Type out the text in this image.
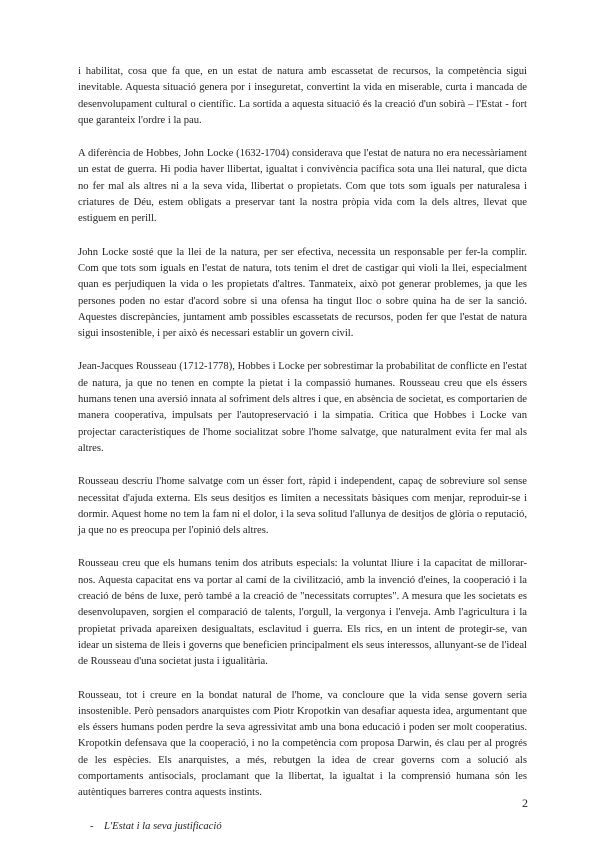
i habilitat, cosa que fa que, en un estat de natura amb escassetat de recursos, la competència sigui inevitable. Aquesta situació genera por i inseguretat, convertint la vida en miserable, curta i mancada de desenvolupament cultural o científic. La sortida a aquesta situació és la creació d'un sobirà – l'Estat - fort que garanteix l'ordre i la pau.

A diferència de Hobbes, John Locke (1632-1704) considerava que l'estat de natura no era necessàriament un estat de guerra. Hi podia haver llibertat, igualtat i convivència pacífica sota una llei natural, que dicta no fer mal als altres ni a la seva vida, llibertat o propietats. Com que tots som iguals per naturalesa i criatures de Déu, estem obligats a preservar tant la nostra pròpia vida com la dels altres, llevat que estiguem en perill.

John Locke sosté que la llei de la natura, per ser efectiva, necessita un responsable per fer-la complir. Com que tots som iguals en l'estat de natura, tots tenim el dret de castigar qui violi la llei, especialment quan es perjudiquen la vida o les propietats d'altres. Tanmateix, això pot generar problemes, ja que les persones poden no estar d'acord sobre si una ofensa ha tingut lloc o sobre quina ha de ser la sanció. Aquestes discrepàncies, juntament amb possibles escassetats de recursos, poden fer que l'estat de natura sigui insostenible, i per això és necessari establir un govern civil.

Jean-Jacques Rousseau (1712-1778), Hobbes i Locke per sobrestimar la probabilitat de conflicte en l'estat de natura, ja que no tenen en compte la pietat i la compassió humanes. Rousseau creu que els éssers humans tenen una aversió innata al sofriment dels altres i que, en absència de societat, es comportarien de manera cooperativa, impulsats per l'autopreservació i la simpatia. Critica que Hobbes i Locke van projectar característiques de l'home socialitzat sobre l'home salvatge, que naturalment evita fer mal als altres.

Rousseau descriu l'home salvatge com un ésser fort, ràpid i independent, capaç de sobreviure sol sense necessitat d'ajuda externa. Els seus desitjos es limiten a necessitats bàsiques com menjar, reproduir-se i dormir. Aquest home no tem la fam ni el dolor, i la seva solitud l'allunya de desitjos de glòria o reputació, ja que no es preocupa per l'opinió dels altres.

Rousseau creu que els humans tenim dos atributs especials: la voluntat lliure i la capacitat de millorar-nos. Aquesta capacitat ens va portar al camí de la civilització, amb la invenció d'eines, la cooperació i la creació de béns de luxe, però també a la creació de "necessitats corruptes". A mesura que les societats es desenvolupaven, sorgien el comparació de talents, l'orgull, la vergonya i l'enveja. Amb l'agricultura i la propietat privada apareixen desigualtats, esclavitud i guerra. Els rics, en un intent de protegir-se, van idear un sistema de lleis i governs que beneficien principalment els seus interessos, allunyant-se de l'ideal de Rousseau d'una societat justa i igualitària.

Rousseau, tot i creure en la bondat natural de l'home, va concloure que la vida sense govern seria insostenible. Però pensadors anarquistes com Piotr Kropotkin van desafiar aquesta idea, argumentant que els éssers humans poden perdre la seva agressivitat amb una bona educació i poden ser molt cooperatius. Kropotkin defensava que la cooperació, i no la competència com proposa Darwin, és clau per al progrés de les espècies. Els anarquistes, a més, rebutgen la idea de crear governs com a solució als comportaments antisocials, proclamant que la llibertat, la igualtat i la comprensió humana són les autèntiques barreres contra aquests instints.

- L'Estat i la seva justificació
2
